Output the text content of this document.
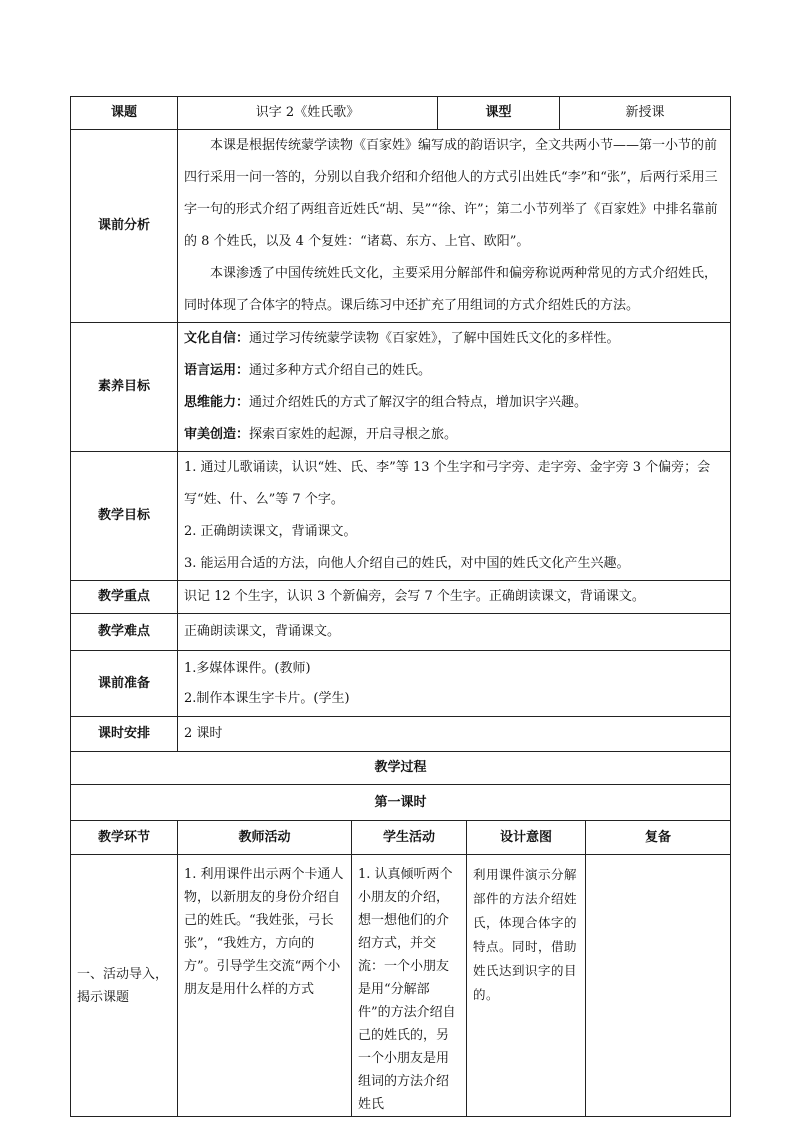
课题	识字 2《姓氏歌》		课型		新授课	
课前分析	本课是根据传统蒙学读物《百家姓》编写成的韵语识字，全文共两小节——第一小节的前四行采用一问一答的，分别以自我介绍和介绍他人的方式引出姓氏“李”和“张”，后两行采用三字一句的形式介绍了两组音近姓氏“胡、吴”“徐、许”；第二小节列举了《百家姓》中排名靠前的 8 个姓氏，以及 4 个复姓：“诸葛、东方、上官、欧阳”。

本课渗透了中国传统姓氏文化，主要采用分解部件和偏旁称说两种常见的方式介绍姓氏，同时体现了合体字的特点。课后练习中还扩充了用组词的方式介绍姓氏的方法。					

素养目标	文化自信：通过学习传统蒙学读物《百家姓》，了解中国姓氏文化的多样性。

语言运用：通过多种方式介绍自己的姓氏。

思维能力：通过介绍姓氏的方式了解汉字的组合特点，增加识字兴趣。

审美创造：探索百家姓的起源，开启寻根之旅。					

教学目标	1. 通过儿歌诵读，认识“姓、氏、李”等 13 个生字和弓字旁、走字旁、金字旁 3 个偏旁；会写“姓、什、么”等 7 个字。

2. 正确朗读课文，背诵课文。

3. 能运用合适的方法，向他人介绍自己的姓氏，对中国的姓氏文化产生兴趣。					

教学重点	识记 12 个生字，认识 3 个新偏旁，会写 7 个生字。正确朗读课文，背诵课文。					
教学难点	正确朗读课文，背诵课文。					
课前准备	1.多媒体课件。(教师)

2.制作本课生字卡片。(学生)					

课时安排	2 课时					
教学过程						
第一课时						
教学环节	教师活动	学生活动		设计意图		复备

一、活动导入，揭示课题	1. 利用课件出示两个卡通人物，以新朋友的身份介绍自己的姓氏。“我姓张，弓长张”，“我姓方，方向的方”。引导学生交流“两个小朋友是用什么样的方式	1. 认真倾听两个小朋友的介绍，想一想他们的介绍方式，并交流：一个小朋友是用“分解部件”的方法介绍自己的姓氏的，另一个小朋友是用组词的方法介绍姓氏		利用课件演示分解部件的方法介绍姓氏，体现合体字的特点。同时，借助姓氏达到识字的目的。		
